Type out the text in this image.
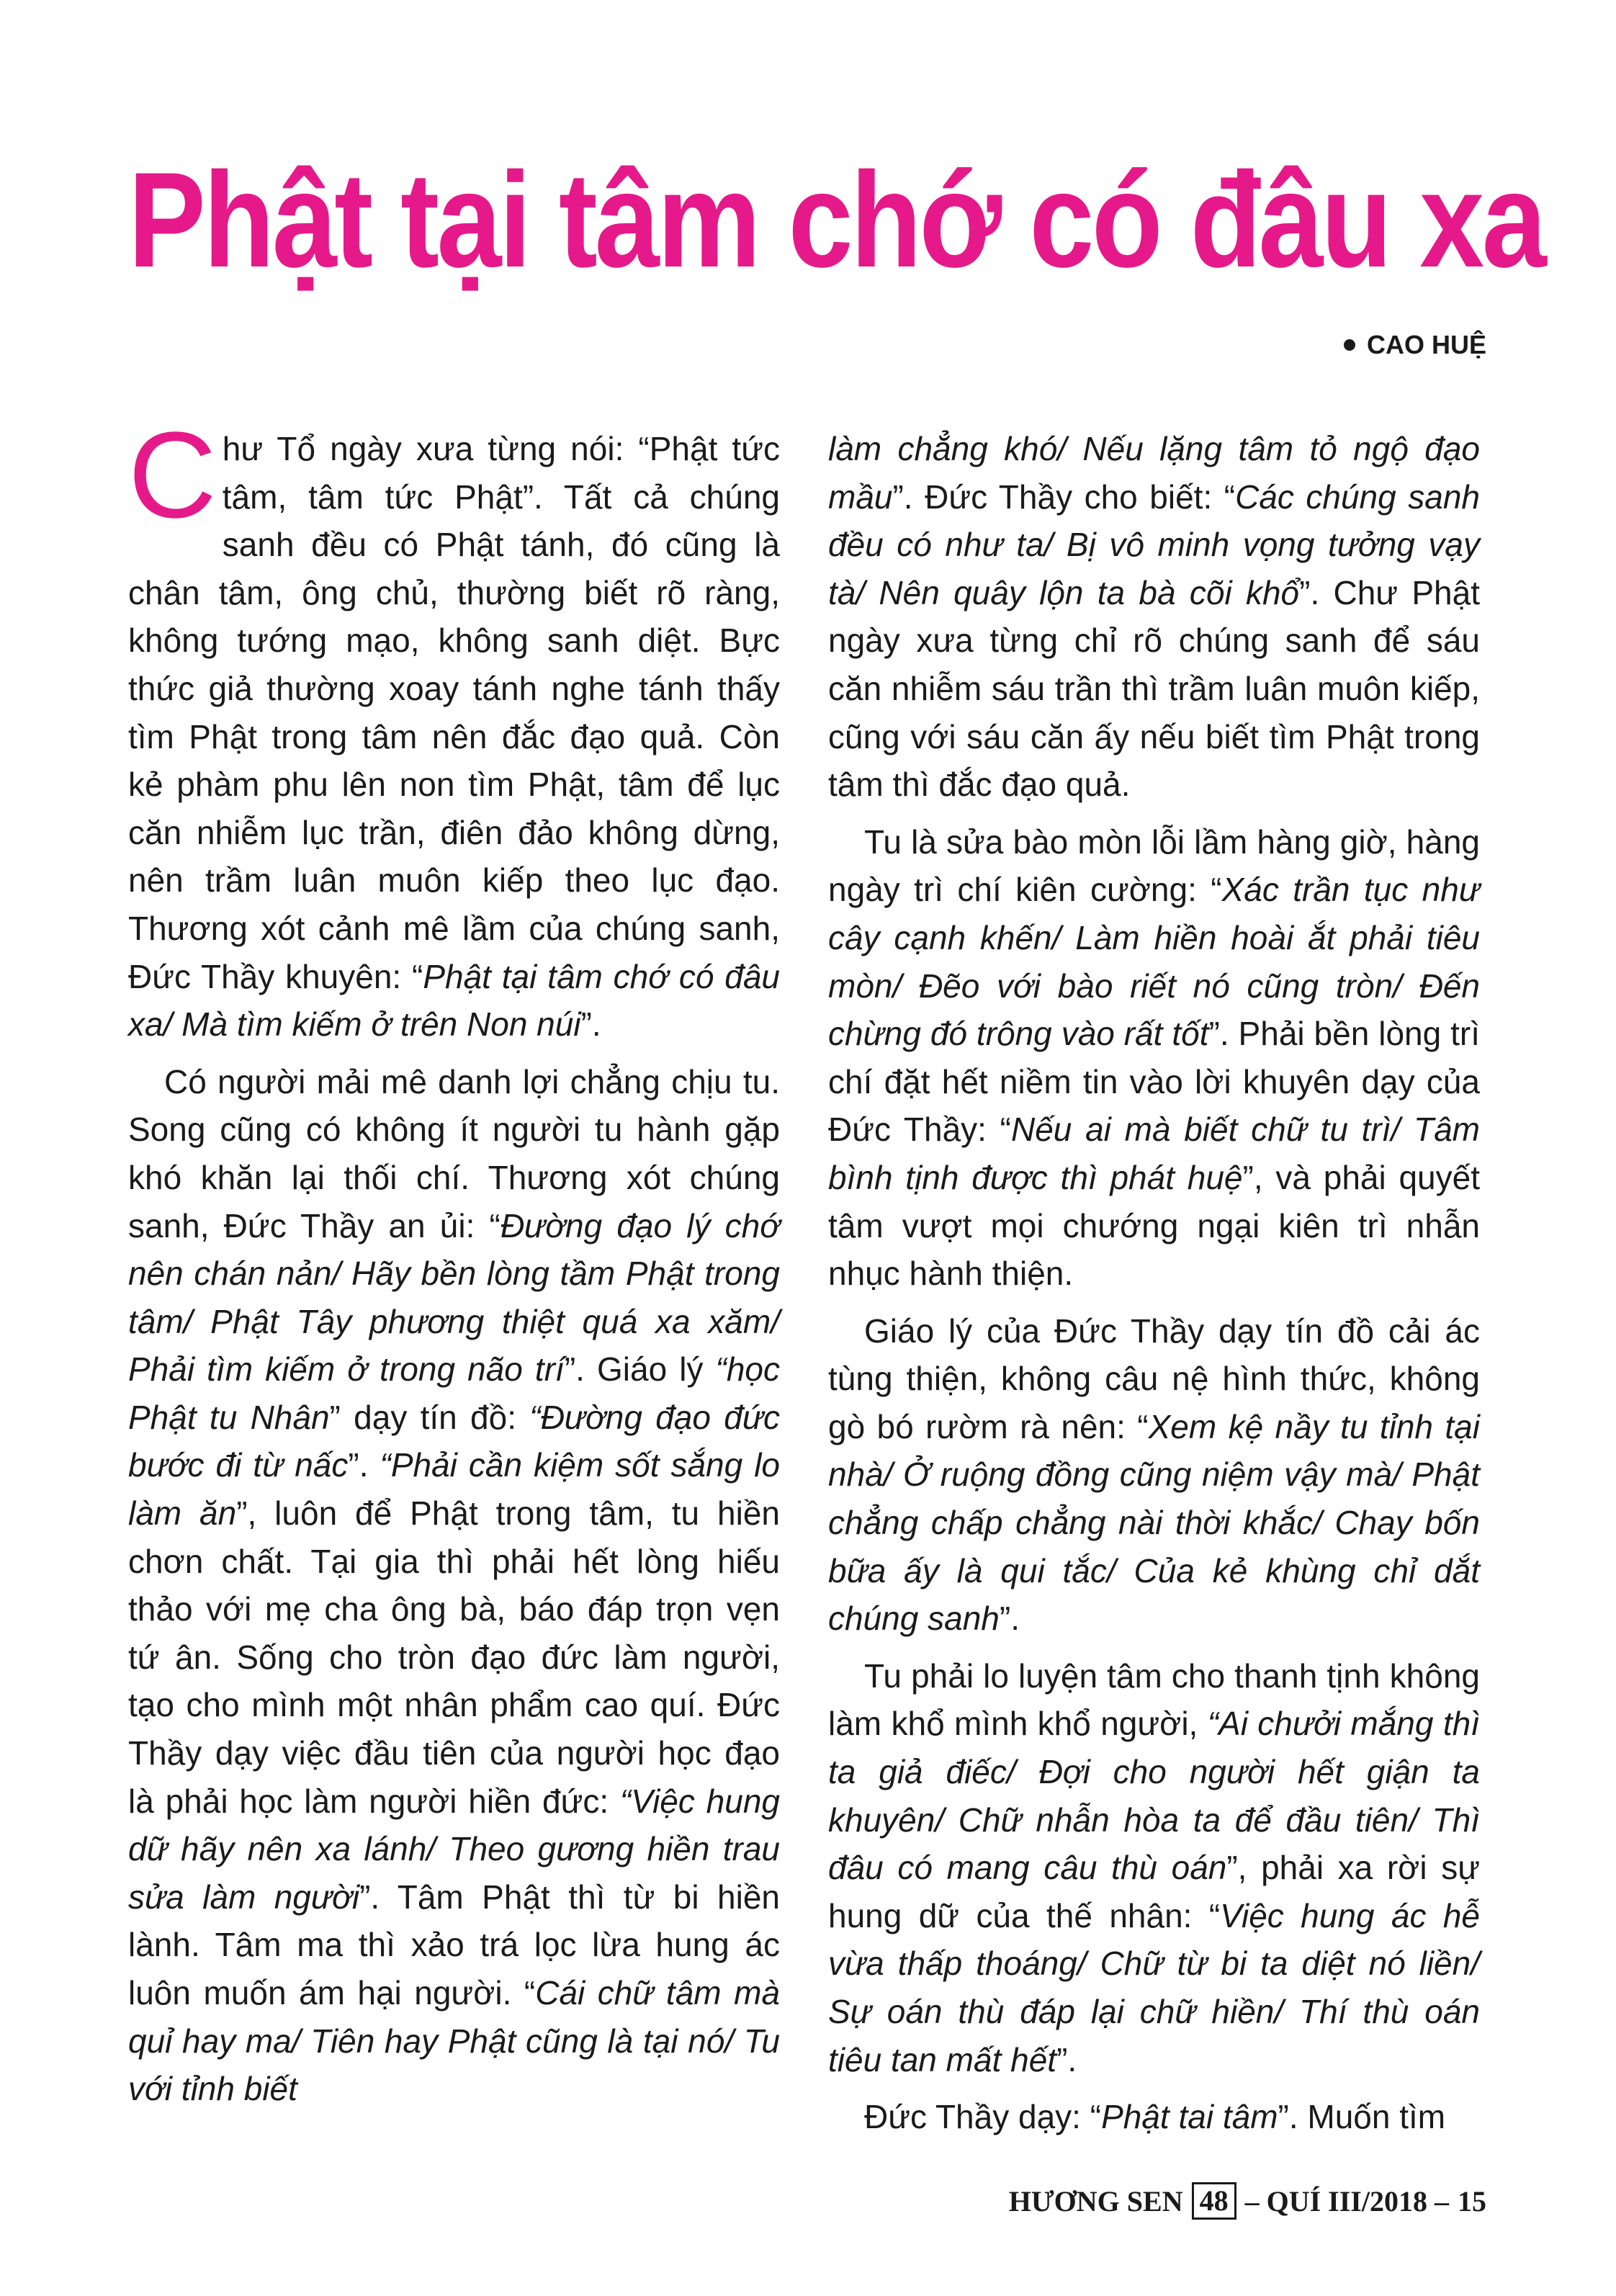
Phật tại tâm chớ có đâu xa
CAO HUỆ

Chư Tổ ngày xưa từng nói: “Phật tức tâm, tâm tức Phật”. Tất cả chúng sanh đều có Phật tánh, đó cũng là chân tâm, ông chủ, thường biết rõ ràng, không tướng mạo, không sanh diệt. Bực thức giả thường xoay tánh nghe tánh thấy tìm Phật trong tâm nên đắc đạo quả. Còn kẻ phàm phu lên non tìm Phật, tâm để lục căn nhiễm lục trần, điên đảo không dừng, nên trầm luân muôn kiếp theo lục đạo. Thương xót cảnh mê lầm của chúng sanh, Đức Thầy khuyên: “Phật tại tâm chớ có đâu xa/ Mà tìm kiếm ở trên Non núi”.

Có người mải mê danh lợi chẳng chịu tu. Song cũng có không ít người tu hành gặp khó khăn lại thối chí. Thương xót chúng sanh, Đức Thầy an ủi: “Đường đạo lý chớ nên chán nản/ Hãy bền lòng tầm Phật trong tâm/ Phật Tây phương thiệt quá xa xăm/ Phải tìm kiếm ở trong não trí”. Giáo lý “học Phật tu Nhân” dạy tín đồ: “Đường đạo đức bước đi từ nấc”. “Phải cần kiệm sốt sắng lo làm ăn”, luôn để Phật trong tâm, tu hiền chơn chất. Tại gia thì phải hết lòng hiếu thảo với mẹ cha ông bà, báo đáp trọn vẹn tứ ân. Sống cho tròn đạo đức làm người, tạo cho mình một nhân phẩm cao quí. Đức Thầy dạy việc đầu tiên của người học đạo là phải học làm người hiền đức: “Việc hung dữ hãy nên xa lánh/ Theo gương hiền trau sửa làm người”. Tâm Phật thì từ bi hiền lành. Tâm ma thì xảo trá lọc lừa hung ác luôn muốn ám hại người. “Cái chữ tâm mà quỉ hay ma/ Tiên hay Phật cũng là tại nó/ Tu với tỉnh biết

làm chẳng khó/ Nếu lặng tâm tỏ ngộ đạo mầu”. Đức Thầy cho biết: “Các chúng sanh đều có như ta/ Bị vô minh vọng tưởng vạy tà/ Nên quây lộn ta bà cõi khổ”. Chư Phật ngày xưa từng chỉ rõ chúng sanh để sáu căn nhiễm sáu trần thì trầm luân muôn kiếp, cũng với sáu căn ấy nếu biết tìm Phật trong tâm thì đắc đạo quả.

Tu là sửa bào mòn lỗi lầm hàng giờ, hàng ngày trì chí kiên cường: “Xác trần tục như cây cạnh khến/ Làm hiền hoài ắt phải tiêu mòn/ Đẽo với bào riết nó cũng tròn/ Đến chừng đó trông vào rất tốt”. Phải bền lòng trì chí đặt hết niềm tin vào lời khuyên dạy của Đức Thầy: “Nếu ai mà biết chữ tu trì/ Tâm bình tịnh được thì phát huệ”, và phải quyết tâm vượt mọi chướng ngại kiên trì nhẫn nhục hành thiện.

Giáo lý của Đức Thầy dạy tín đồ cải ác tùng thiện, không câu nệ hình thức, không gò bó rườm rà nên: “Xem kệ nầy tu tỉnh tại nhà/ Ở ruộng đồng cũng niệm vậy mà/ Phật chẳng chấp chẳng nài thời khắc/ Chay bốn bữa ấy là qui tắc/ Của kẻ khùng chỉ dắt chúng sanh”.

Tu phải lo luyện tâm cho thanh tịnh không làm khổ mình khổ người, “Ai chưởi mắng thì ta giả điếc/ Đợi cho người hết giận ta khuyên/ Chữ nhẫn hòa ta để đầu tiên/ Thì đâu có mang câu thù oán”, phải xa rời sự hung dữ của thế nhân: “Việc hung ác hễ vừa thấp thoáng/ Chữ từ bi ta diệt nó liền/ Sự oán thù đáp lại chữ hiền/ Thí thù oán tiêu tan mất hết”.

Đức Thầy dạy: “Phật tai tâm”. Muốn tìm

HƯƠNG SEN 48 – QUÍ III/2018 – 15
